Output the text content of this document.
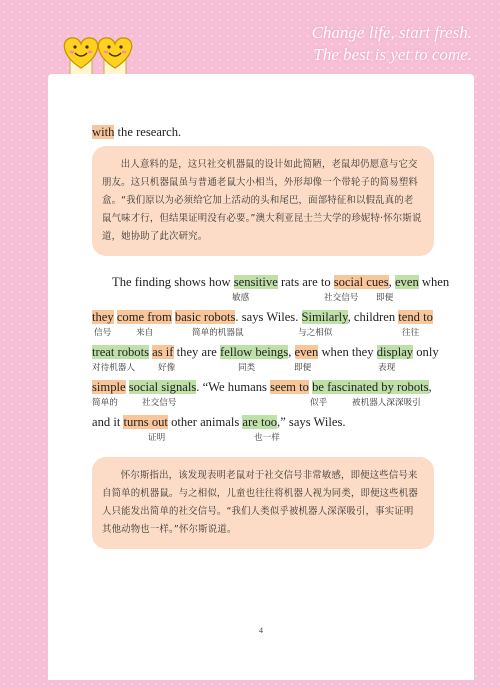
Change life, start fresh.
The best is yet to come.
with the research.

出人意料的是，这只社交机器鼠的设计如此简陋，老鼠却仍愿意与它交朋友。这只机器鼠虽与普通老鼠大小相当，外形却像一个带轮子的简易塑料盒。“我们原以为必须给它加上活动的头和尾巴，面部特征和以假乱真的老鼠气味才行，但结果证明没有必要。”澳大利亚昆士兰大学的珍妮特·怀尔斯说道，她协助了此次研究。

The finding shows how sensitive rats are to social cues, even when
敏感	社交信号 即便
they come from basic robots. says Wiles. Similarly, children tend to
信号	来自	简单的机器鼠	与之相似	往往
treat robots as if they are fellow beings, even when they display only
对待机器人	好像	同类	即便	表现
simple social signals. “We humans seem to be fascinated by robots,
简单的	社交信号	似乎	被机器人深深吸引
and it turns out other animals are too,” says Wiles.
证明	也一样

怀尔斯指出，该发现表明老鼠对于社交信号非常敏感，即便这些信号来自简单的机器鼠。与之相似，儿童也往往将机器人视为同类，即便这些机器人只能发出简单的社交信号。“我们人类似乎被机器人深深吸引，事实证明其他动物也一样。”怀尔斯说道。

4
